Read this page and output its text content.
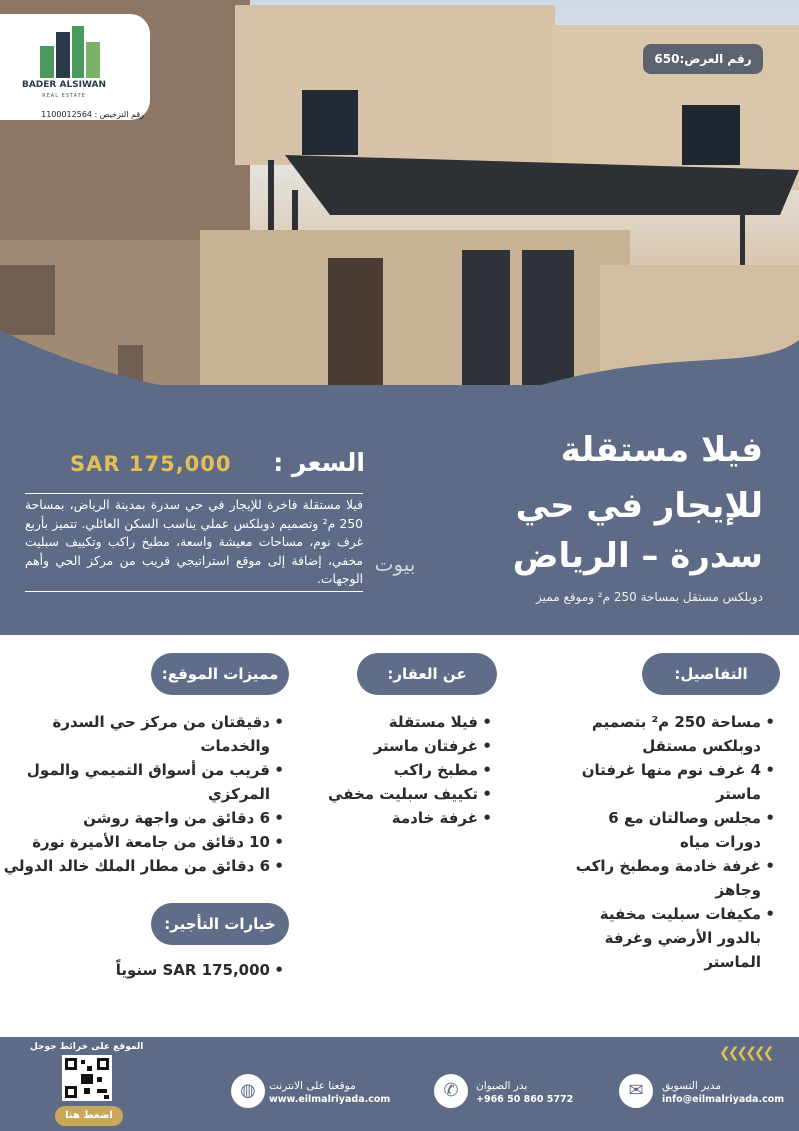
BADER ALSIWAN
REAL ESTATE
رقم الترخيص : 1100012564
رقم العرض:650
فيلا مستقلة
للإيجار في حي
سدرة – الرياض
دوبلكس مستقل بمساحة 250 م² وموقع مميز
السعر :
SAR 175,000
فيلا مستقلة فاخرة للإيجار في حي سدرة بمدينة الرياض، بمساحة 250 م² وتصميم دوبلكس عملي يناسب السكن العائلي. تتميز بأربع غرف نوم، مساحات معيشة واسعة، مطبخ راكب وتكييف سبليت مخفي، إضافة إلى موقع استراتيجي قريب من مركز الحي وأهم الوجهات.
بيوت
التفاصيل:
عن العقار:
مميزات الموقع:
خيارات التأجير:
• مساحة 250 م² بتصميم دوبلكس مستقل
• 4 غرف نوم منها غرفتان ماستر
• مجلس وصالتان مع 6 دورات مياه
• غرفة خادمة ومطبخ راكب وجاهز
• مكيفات سبليت مخفية بالدور الأرضي وغرفة الماستر
• فيلا مستقلة
• غرفتان ماستر
• مطبخ راكب
• تكييف سبليت مخفي
• غرفة خادمة
• دقيقتان من مركز حي السدرة والخدمات
• قريب من أسواق التميمي والمول المركزي
• 6 دقائق من واجهة روشن
• 10 دقائق من جامعة الأميرة نورة
• 6 دقائق من مطار الملك خالد الدولي
• SAR 175,000 سنوياً
الموقع على خرائط جوجل
اضغط هنا
◍	موقعنا على الانترنت
www.eilmalriyada.com	✆	بدر الصيوان
+966 50 860 5772	✉	مدير التسويق
info@eilmalriyada.com
❮❮❮❮❮❮
